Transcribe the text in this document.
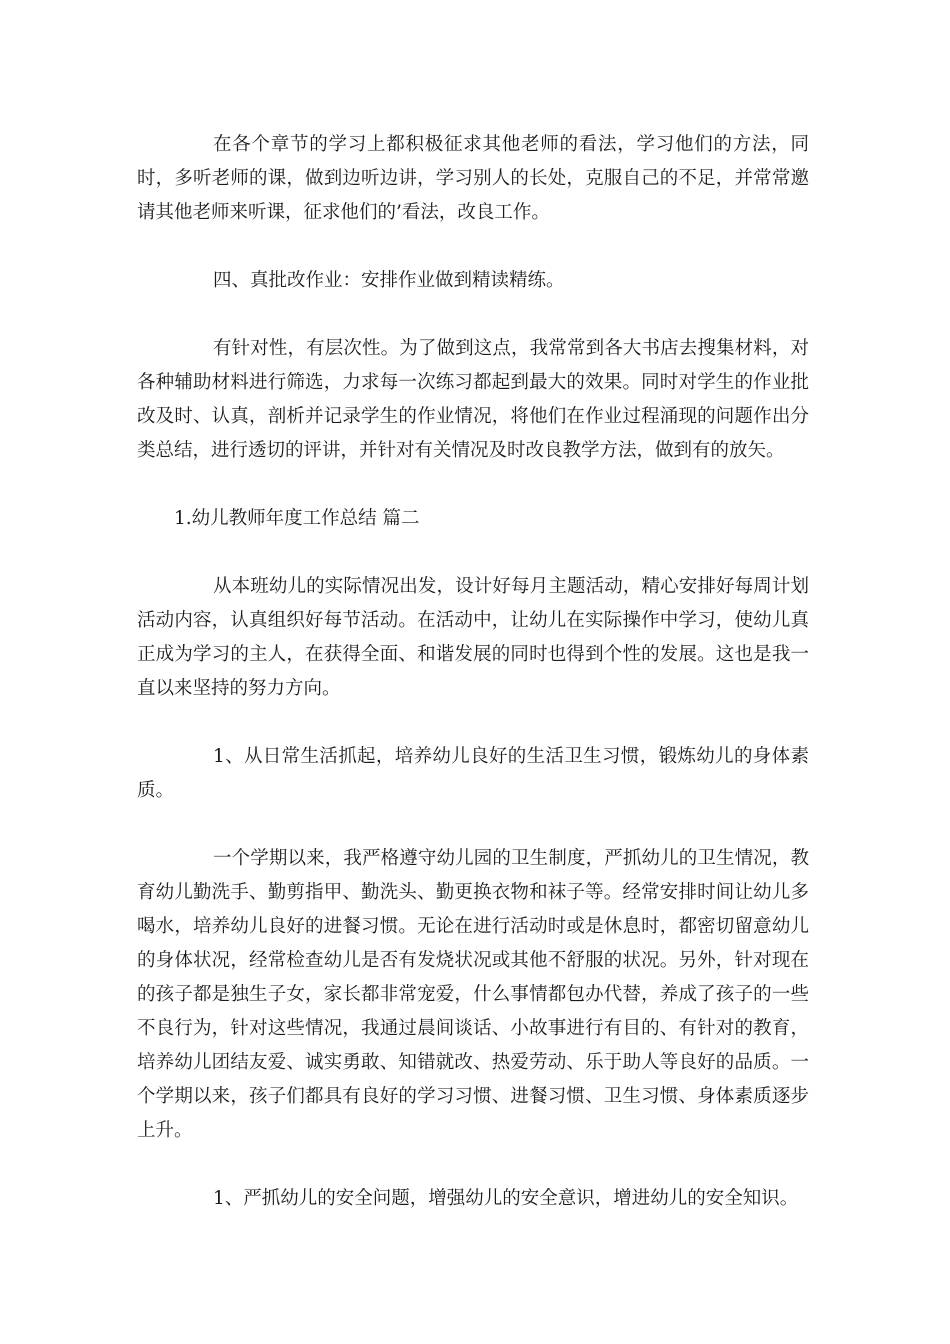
在各个章节的学习上都积极征求其他老师的看法，学习他们的方法，同时，多听老师的课，做到边听边讲，学习别人的长处，克服自己的不足，并常常邀请其他老师来听课，征求他们的’看法，改良工作。

四、真批改作业：安排作业做到精读精练。

有针对性，有层次性。为了做到这点，我常常到各大书店去搜集材料，对各种辅助材料进行筛选，力求每一次练习都起到最大的效果。同时对学生的作业批改及时、认真，剖析并记录学生的作业情况，将他们在作业过程涌现的问题作出分类总结，进行透切的评讲，并针对有关情况及时改良教学方法，做到有的放矢。

1.幼儿教师年度工作总结 篇二

从本班幼儿的实际情况出发，设计好每月主题活动，精心安排好每周计划活动内容，认真组织好每节活动。在活动中，让幼儿在实际操作中学习，使幼儿真正成为学习的主人，在获得全面、和谐发展的同时也得到个性的发展。这也是我一直以来坚持的努力方向。

1、从日常生活抓起，培养幼儿良好的生活卫生习惯，锻炼幼儿的身体素质。

一个学期以来，我严格遵守幼儿园的卫生制度，严抓幼儿的卫生情况，教育幼儿勤洗手、勤剪指甲、勤洗头、勤更换衣物和袜子等。经常安排时间让幼儿多喝水，培养幼儿良好的进餐习惯。无论在进行活动时或是休息时，都密切留意幼儿的身体状况，经常检查幼儿是否有发烧状况或其他不舒服的状况。另外，针对现在的孩子都是独生子女，家长都非常宠爱，什么事情都包办代替，养成了孩子的一些不良行为，针对这些情况，我通过晨间谈话、小故事进行有目的、有针对的教育，培养幼儿团结友爱、诚实勇敢、知错就改、热爱劳动、乐于助人等良好的品质。一个学期以来，孩子们都具有良好的学习习惯、进餐习惯、卫生习惯、身体素质逐步上升。

1、严抓幼儿的安全问题，增强幼儿的安全意识，增进幼儿的安全知识。
